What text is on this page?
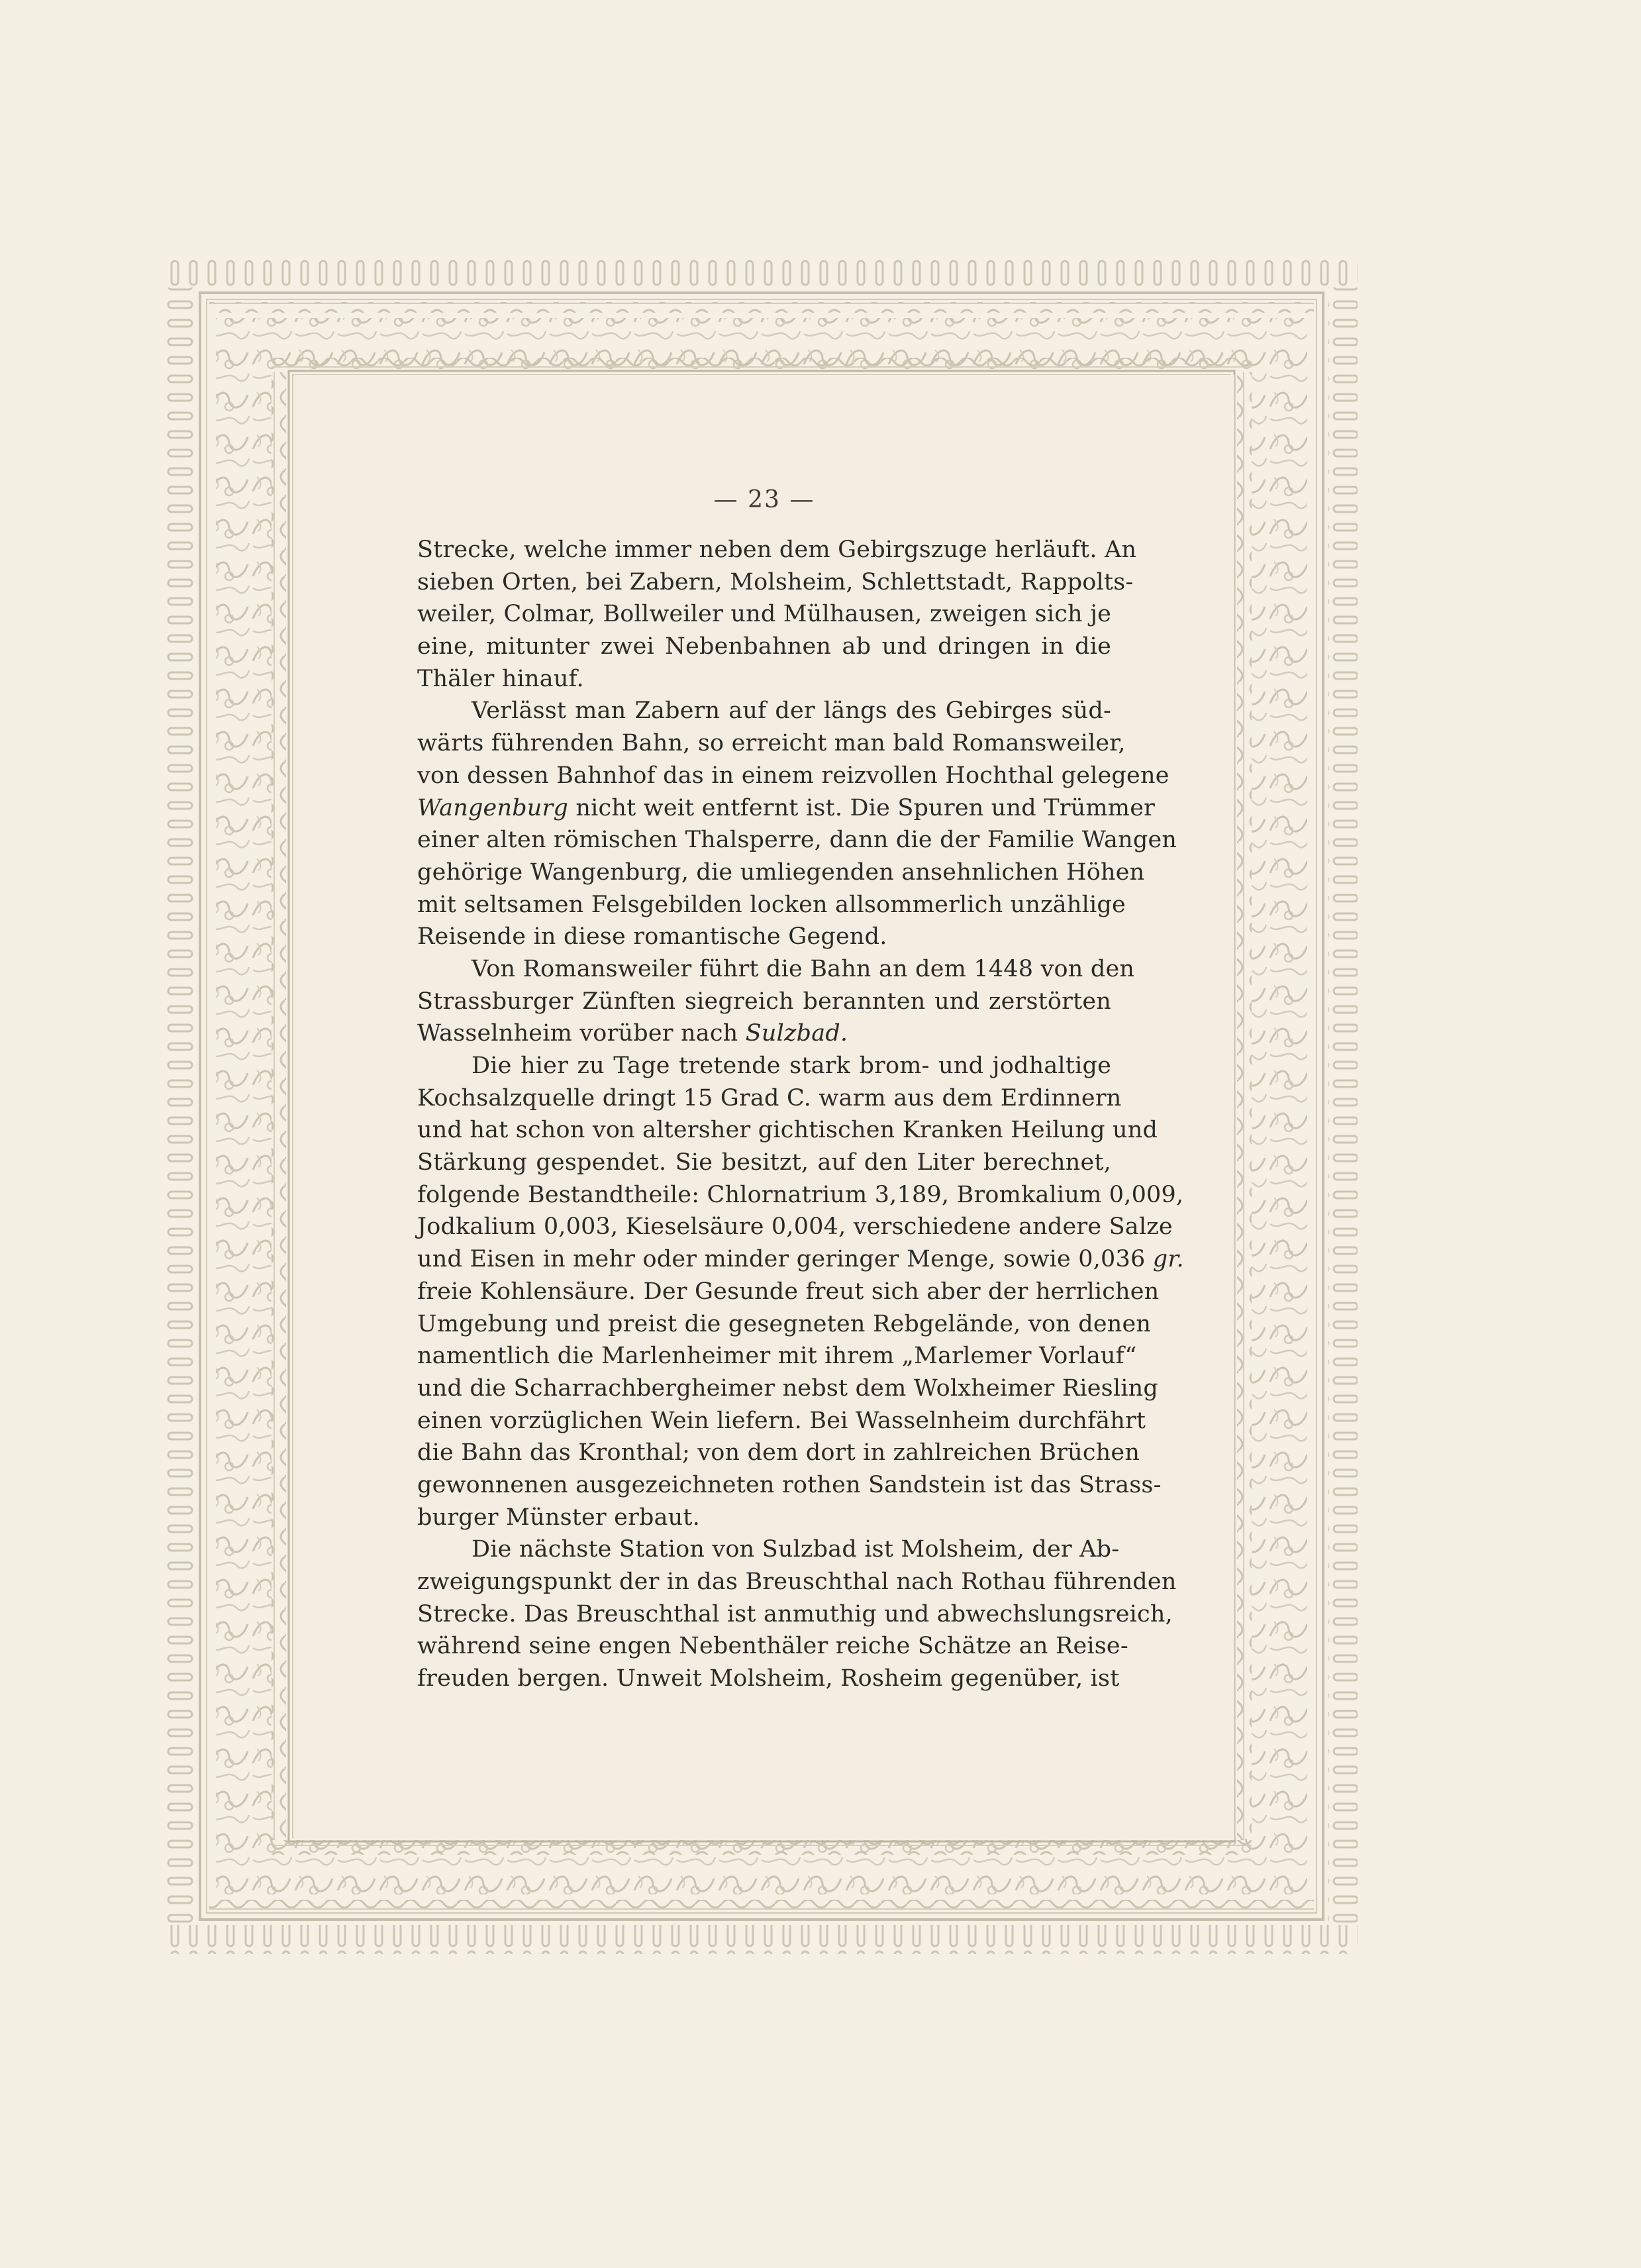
— 23 —
Strecke, welche immer neben dem Gebirgszuge herläuft. An
sieben Orten, bei Zabern, Molsheim, Schlettstadt, Rappolts-
weiler, Colmar, Bollweiler und Mülhausen, zweigen sich je
eine, mitunter zwei Nebenbahnen ab und dringen in die
Thäler hinauf.
Verlässt man Zabern auf der längs des Gebirges süd-
wärts führenden Bahn, so erreicht man bald Romansweiler,
von dessen Bahnhof das in einem reizvollen Hochthal gelegene
Wangenburg nicht weit entfernt ist. Die Spuren und Trümmer
einer alten römischen Thalsperre, dann die der Familie Wangen
gehörige Wangenburg, die umliegenden ansehnlichen Höhen
mit seltsamen Felsgebilden locken allsommerlich unzählige
Reisende in diese romantische Gegend.
Von Romansweiler führt die Bahn an dem 1448 von den
Strassburger Zünften siegreich berannten und zerstörten
Wasselnheim vorüber nach Sulzbad.
Die hier zu Tage tretende stark brom- und jodhaltige
Kochsalzquelle dringt 15 Grad C. warm aus dem Erdinnern
und hat schon von altersher gichtischen Kranken Heilung und
Stärkung gespendet. Sie besitzt, auf den Liter berechnet,
folgende Bestandtheile: Chlornatrium 3,189, Bromkalium 0,009,
Jodkalium 0,003, Kieselsäure 0,004, verschiedene andere Salze
und Eisen in mehr oder minder geringer Menge, sowie 0,036 gr.
freie Kohlensäure. Der Gesunde freut sich aber der herrlichen
Umgebung und preist die gesegneten Rebgelände, von denen
namentlich die Marlenheimer mit ihrem „Marlemer Vorlauf“
und die Scharrachbergheimer nebst dem Wolxheimer Riesling
einen vorzüglichen Wein liefern. Bei Wasselnheim durchfährt
die Bahn das Kronthal; von dem dort in zahlreichen Brüchen
gewonnenen ausgezeichneten rothen Sandstein ist das Strass-
burger Münster erbaut.
Die nächste Station von Sulzbad ist Molsheim, der Ab-
zweigungspunkt der in das Breuschthal nach Rothau führenden
Strecke. Das Breuschthal ist anmuthig und abwechslungsreich,
während seine engen Nebenthäler reiche Schätze an Reise-
freuden bergen. Unweit Molsheim, Rosheim gegenüber, ist
